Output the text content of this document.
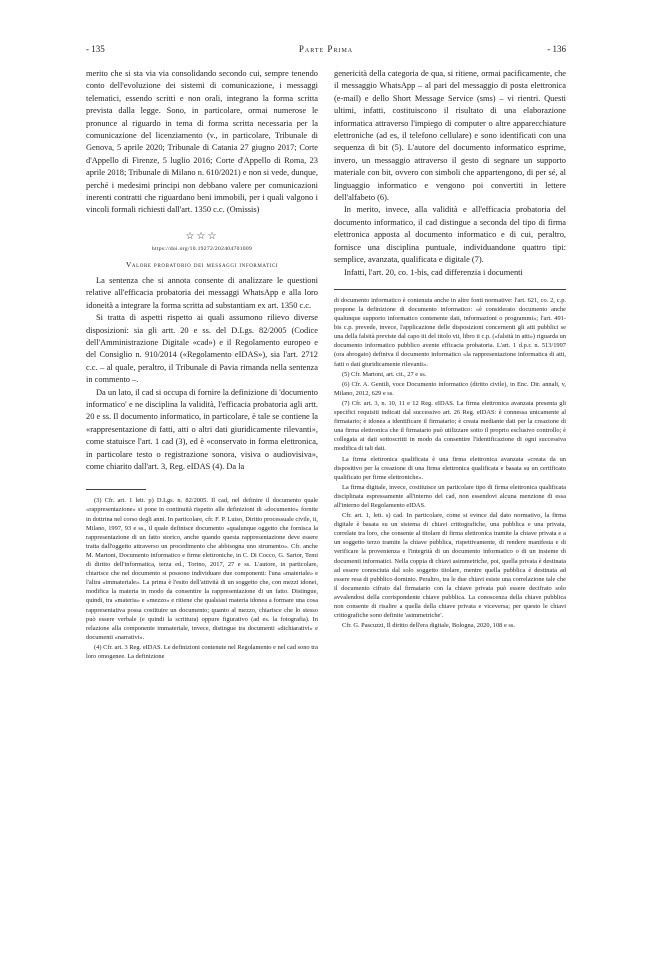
- 135	Parte Prima	- 136

merito che si sta via via consolidando secondo cui, sempre tenendo conto dell'evoluzione dei sistemi di comunicazione, i messaggi telematici, essendo scritti e non orali, integrano la forma scritta prevista dalla legge. Sono, in particolare, ormai numerose le pronunce al riguardo in tema di forma scritta necessaria per la comunicazione del licenziamento (v., in particolare, Tribunale di Genova, 5 aprile 2020; Tribunale di Catania 27 giugno 2017; Corte d'Appello di Firenze, 5 luglio 2016; Corte d'Appello di Roma, 23 aprile 2018; Tribunale di Milano n. 610/2021) e non si vede, dunque, perché i medesimi principi non debbano valere per comunicazioni inerenti contratti che riguardano beni immobili, per i quali valgono i vincoli formali richiesti dall'art. 1350 c.c. (Omissis)

☆☆☆
https://doi.org/10.19272/202404701009
Valore probatorio dei messaggi informatici

La sentenza che si annota consente di analizzare le questioni relative all'efficacia probatoria dei messaggi WhatsApp e alla loro idoneità a integrare la forma scritta ad substantiam ex art. 1350 c.c.

Si tratta di aspetti rispetto ai quali assumono rilievo diverse disposizioni: sia gli artt. 20 e ss. del D.Lgs. 82/2005 (Codice dell'Amministrazione Digitale «cad») e il Regolamento europeo e del Consiglio n. 910/2014 («Regolamento eIDAS»), sia l'art. 2712 c.c. – al quale, peraltro, il Tribunale di Pavia rimanda nella sentenza in commento –.

Da un lato, il cad si occupa di fornire la definizione di 'documento informatico' e ne disciplina la validità, l'efficacia probatoria agli artt. 20 e ss. Il documento informatico, in particolare, è tale se contiene la «rappresentazione di fatti, atti o altri dati giuridicamente rilevanti», come statuisce l'art. 1 cad (3), ed è «conservato in forma elettronica, in particolare testo o registrazione sonora, visiva o audiovisiva», come chiarito dall'art. 3, Reg. eIDAS (4). Da la

(3) Cfr. art. 1 lett. p) D.Lgs. n. 82/2005. Il cad, nel definire il documento quale «rappresentazione» si pone in continuità rispetto alle definizioni di «documento» fornite in dottrina nel corso degli anni. In particolare, cfr. F. P. Luiso, Diritto processuale civile, ii, Milano, 1997, 93 e ss., il quale definisce documento «qualunque oggetto che fornisca la rappresentazione di un fatto storico, anche quando questa rappresentazione deve essere tratta dall'oggetto attraverso un procedimento che abbisogna uno strumento». Cfr. anche M. Martoni, Documento informatico e firme elettroniche, in C. Di Cocco, G. Sartor, Temi di diritto dell'informatica, terza ed., Torino, 2017, 27 e ss. L'autore, in particolare, chiarisce che nel documento si possono individuare due componenti: l'una «materiale» e l'altra «immateriale». La prima è l'esito dell'attività di un soggetto che, con mezzi idonei, modifica la materia in modo da consentire la rappresentazione di un fatto. Distingue, quindi, tra «materia» e «mezzo» e ritiene che qualsiasi materia idonea a formare una cosa rappresentativa possa costituire un documento; quanto al mezzo, chiarisce che lo stesso può essere verbale (e quindi la scrittura) oppure figurativo (ad es. la fotografia). In relazione alla componente immateriale, invece, distingue tra documenti «dichiarativi» e documenti «narrativi».

(4) Cfr. art. 3 Reg. eIDAS. Le definizioni contenute nel Regolamento e nel cad sono tra loro omogenee. La definizione

genericità della categoria de qua, si ritiene, ormai pacificamente, che il messaggio WhatsApp – al pari del messaggio di posta elettronica (e-mail) e dello Short Message Service (sms) – vi rientri. Questi ultimi, infatti, costituiscono il risultato di una elaborazione informatica attraverso l'impiego di computer o altre apparecchiature elettroniche (ad es, il telefono cellulare) e sono identificati con una sequenza di bit (5). L'autore del documento informatico esprime, invero, un messaggio attraverso il gesto di segnare un supporto materiale con bit, ovvero con simboli che appartengono, di per sé, al linguaggio informatico e vengono poi convertiti in lettere dell'alfabeto (6).

In merito, invece, alla validità e all'efficacia probatoria del documento informatico, il cad distingue a seconda del tipo di firma elettronica apposta al documento informatico e di cui, peraltro, fornisce una disciplina puntuale, individuandone quattro tipi: semplice, avanzata, qualificata e digitale (7).

Infatti, l'art. 20, co. 1-bis, cad differenzia i documenti

di documento informatico è contenuta anche in altre fonti normative: l'art. 621, co. 2, c.p. propone la definizione di documento informatico: «è considerato documento anche qualunque supporto informatico contenente dati, informazioni o programmi»; l'art. 491-bis c.p. prevede, invece, l'applicazione delle disposizioni concernenti gli atti pubblici se una della falsità previste dal capo iii del titolo vii, libro ii c.p. («falsità in atti») riguarda un documento informatico pubblico avente efficacia probatoria. L'art. 1 d.p.r. n. 513/1997 (ora abrogato) definiva il documento informatico «la rappresentazione informatica di atti, fatti o dati giuridicamente rilevanti».

(5) Cfr. Martoni, art. cit., 27 e ss.

(6) Cfr. A. Gentili, voce Documento informatico (diritto civile), in Enc. Dir. annali, v, Milano, 2012, 629 e ss.

(7) Cfr. art. 3, n. 10, 11 e 12 Reg. eIDAS. La firma elettronica avanzata presenta gli specifici requisiti indicati dal successivo art. 26 Reg. eIDAS: è connessa unicamente al firmatario; è idonea a identificare il firmatario; è creata mediante dati per la creazione di una firma elettronica che il firmatario può utilizzare sotto il proprio esclusivo controllo; è collegata ai dati sottoscritti in modo da consentire l'identificazione di ogni successiva modifica di tali dati.

La firma elettronica qualificata è una firma elettronica avanzata «creata da un dispositivo per la creazione di una firma elettronica qualificata e basata su un certificato qualificato per firme elettroniche».

La firma digitale, invece, costituisce un particolare tipo di firma elettronica qualificata disciplinata espressamente all'interno del cad, non essendovi alcuna menzione di essa all'interno del Regolamento eIDAS.

Cfr. art. 1, lett. s) cad. In particolare, come si evince dal dato normativo, la firma digitale è basata su un sistema di chiavi crittografiche, una pubblica e una privata, correlate tra loro, che consente al titolare di firma elettronica tramite la chiave privata e a un soggetto terzo tramite la chiave pubblica, rispettivamente, di rendere manifesta e di verificare la provenienza e l'integrità di un documento informatico o di un insieme di documenti informatici. Nella coppia di chiavi asimmetriche, poi, quella privata è destinata ad essere conosciuta dal solo soggetto titolare, mentre quella pubblica è destinata ad essere resa di pubblico dominio. Peraltro, tra le due chiavi esiste una correlazione tale che il documento cifrato dal firmatario con la chiave privata può essere decifrato solo avvalendosi della corrispondente chiave pubblica. La conoscenza della chiave pubblica non consente di risalire a quella della chiave privata e viceversa; per questo le chiavi crittografiche sono definite 'asimmetriche'.

Cfr. G. Pascuzzi, Il diritto dell'era digitale, Bologna, 2020, 108 e ss.
